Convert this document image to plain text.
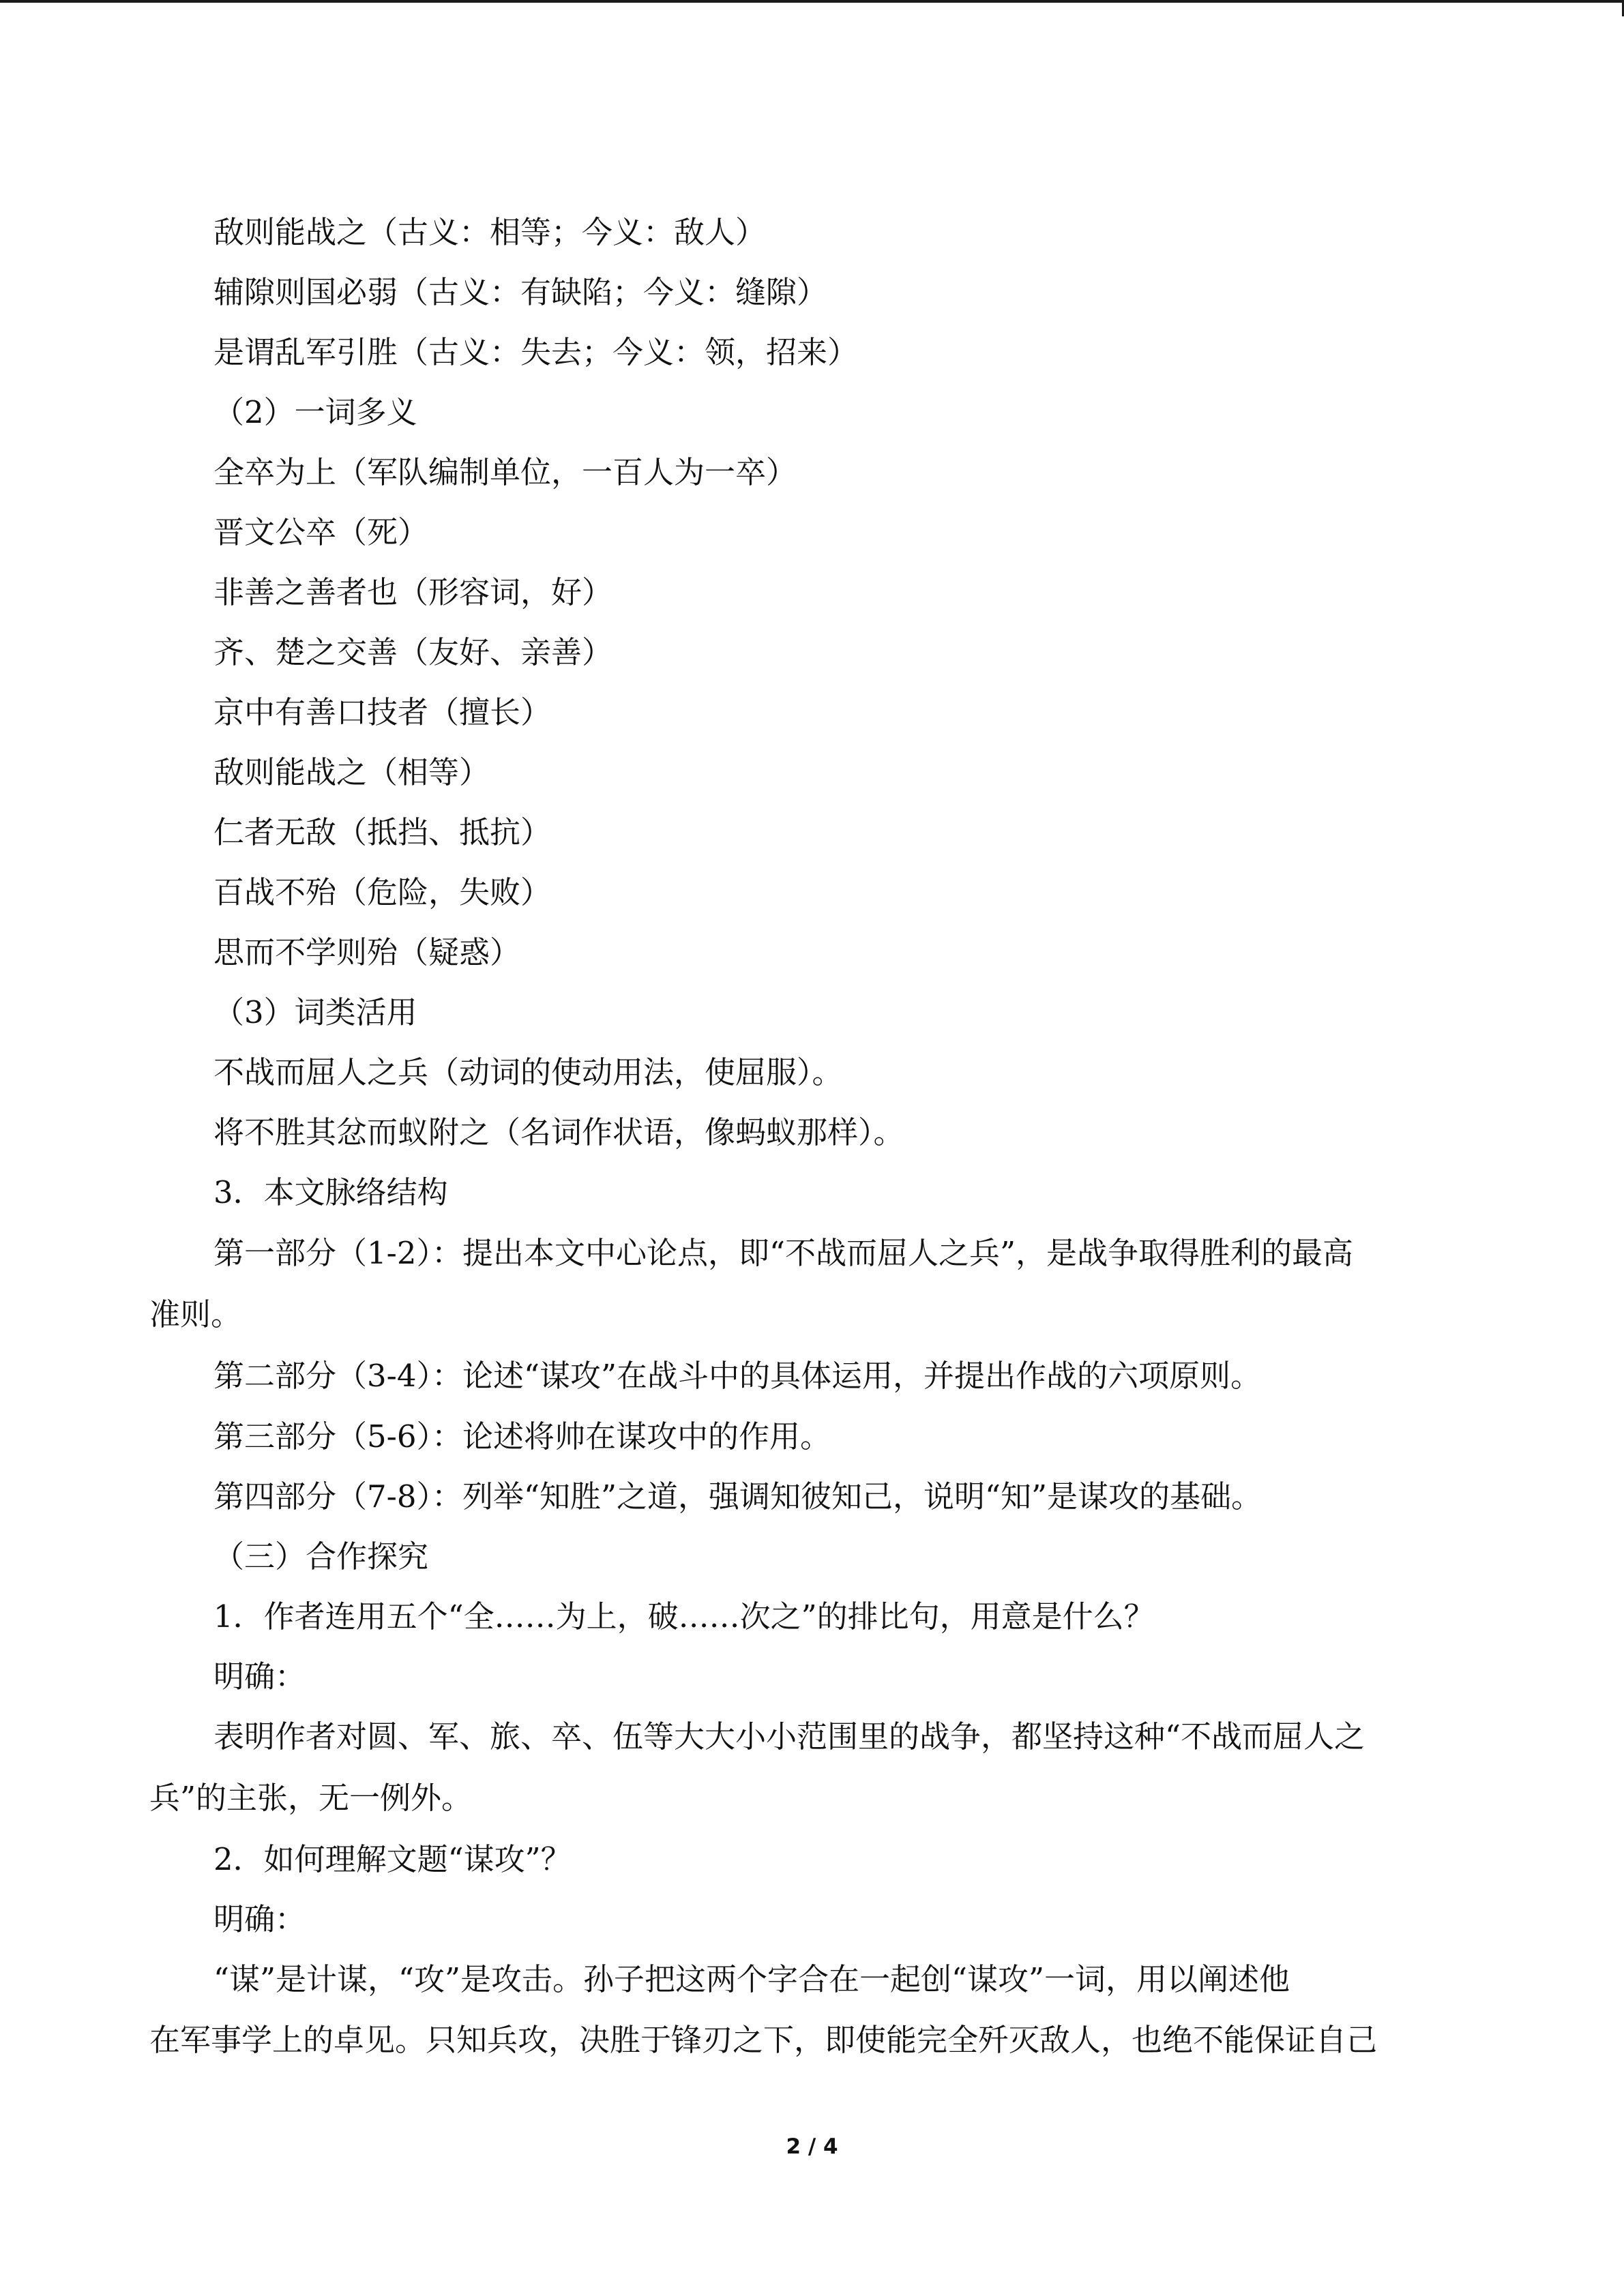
敌则能战之（古义：相等；今义：敌人）
辅隙则国必弱（古义：有缺陷；今义：缝隙）
是谓乱军引胜（古义：失去；今义：领，招来）
（2）一词多义
全卒为上（军队编制单位，一百人为一卒）
晋文公卒（死）
非善之善者也（形容词，好）
齐、楚之交善（友好、亲善）
京中有善口技者（擅长）
敌则能战之（相等）
仁者无敌（抵挡、抵抗）
百战不殆（危险，失败）
思而不学则殆（疑惑）
（3）词类活用
不战而屈人之兵（动词的使动用法，使屈服）。
将不胜其忿而蚁附之（名词作状语，像蚂蚁那样）。
3．本文脉络结构
第一部分（1-2）：提出本文中心论点，即“不战而屈人之兵”，是战争取得胜利的最高
准则。
第二部分（3-4）：论述“谋攻”在战斗中的具体运用，并提出作战的六项原则。
第三部分（5-6）：论述将帅在谋攻中的作用。
第四部分（7-8）：列举“知胜”之道，强调知彼知己，说明“知”是谋攻的基础。
（三）合作探究
1．作者连用五个“全……为上，破……次之”的排比句，用意是什么？
明确：
表明作者对圆、军、旅、卒、伍等大大小小范围里的战争，都坚持这种“不战而屈人之
兵”的主张，无一例外。
2．如何理解文题“谋攻”？
明确：
“谋”是计谋，“攻”是攻击。孙子把这两个字合在一起创“谋攻”一词，用以阐述他
在军事学上的卓见。只知兵攻，决胜于锋刃之下，即使能完全歼灭敌人，也绝不能保证自己
2 / 4
